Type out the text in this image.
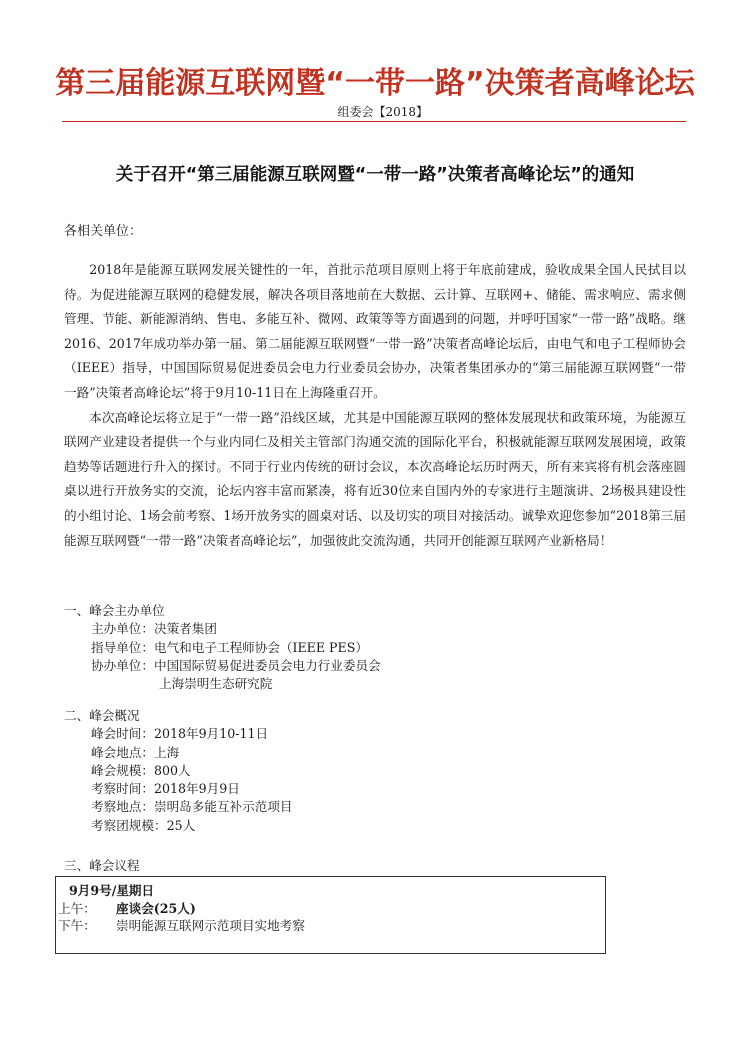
第三届能源互联网暨“一带一路”决策者高峰论坛
组委会【2018】
关于召开“第三届能源互联网暨“一带一路”决策者高峰论坛”的通知
各相关单位：

2018年是能源互联网发展关键性的一年，首批示范项目原则上将于年底前建成，验收成果全国人民拭目以待。为促进能源互联网的稳健发展，解决各项目落地前在大数据、云计算、互联网+、储能、需求响应、需求侧管理、节能、新能源消纳、售电、多能互补、微网、政策等等方面遇到的问题，并呼吁国家“一带一路”战略。继2016、2017年成功举办第一届、第二届能源互联网暨“一带一路”决策者高峰论坛后，由电气和电子工程师协会（IEEE）指导，中国国际贸易促进委员会电力行业委员会协办，决策者集团承办的“第三届能源互联网暨“一带一路”决策者高峰论坛”将于9月10-11日在上海隆重召开。

本次高峰论坛将立足于“一带一路”沿线区域，尤其是中国能源互联网的整体发展现状和政策环境，为能源互联网产业建设者提供一个与业内同仁及相关主管部门沟通交流的国际化平台，积极就能源互联网发展困境，政策趋势等话题进行升入的探讨。不同于行业内传统的研讨会议，本次高峰论坛历时两天，所有来宾将有机会落座圆桌以进行开放务实的交流，论坛内容丰富而紧凑，将有近30位来自国内外的专家进行主题演讲、2场极具建设性的小组讨论、1场会前考察、1场开放务实的圆桌对话、以及切实的项目对接活动。诚挚欢迎您参加“2018第三届能源互联网暨“一带一路”决策者高峰论坛”，加强彼此交流沟通，共同开创能源互联网产业新格局！

一、峰会主办单位
主办单位： 决策者集团
指导单位： 电气和电子工程师协会（IEEE PES）
协办单位： 中国国际贸易促进委员会电力行业委员会
上海崇明生态研究院
二、峰会概况
峰会时间： 2018年9月10-11日
峰会地点： 上海
峰会规模： 800人
考察时间： 2018年9月9日
考察地点： 崇明岛多能互补示范项目
考察团规模： 25人
三、峰会议程
9月9号/星期日
上午：	座谈会(25人)
下午：	崇明能源互联网示范项目实地考察
